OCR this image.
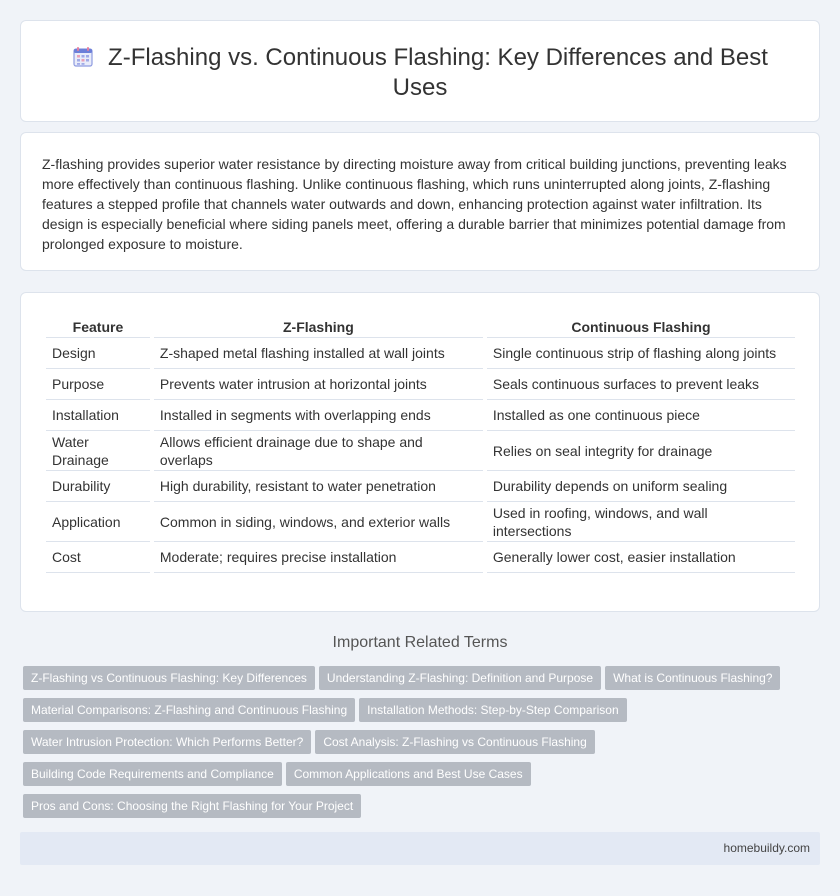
Z-Flashing vs. Continuous Flashing: Key Differences and Best Uses

Z-flashing provides superior water resistance by directing moisture away from critical building junctions, preventing leaks more effectively than continuous flashing. Unlike continuous flashing, which runs uninterrupted along joints, Z-flashing features a stepped profile that channels water outwards and down, enhancing protection against water infiltration. Its design is especially beneficial where siding panels meet, offering a durable barrier that minimizes potential damage from prolonged exposure to moisture.

Feature	Z-Flashing	Continuous Flashing
Design	Z-shaped metal flashing installed at wall joints	Single continuous strip of flashing along joints
Purpose	Prevents water intrusion at horizontal joints	Seals continuous surfaces to prevent leaks
Installation	Installed in segments with overlapping ends	Installed as one continuous piece
Water Drainage	Allows efficient drainage due to shape and overlaps	Relies on seal integrity for drainage
Durability	High durability, resistant to water penetration	Durability depends on uniform sealing
Application	Common in siding, windows, and exterior walls	Used in roofing, windows, and wall intersections
Cost	Moderate; requires precise installation	Generally lower cost, easier installation
Important Related Terms
Z-Flashing vs Continuous Flashing: Key Differences Understanding Z-Flashing: Definition and Purpose What is Continuous Flashing?
Material Comparisons: Z-Flashing and Continuous Flashing Installation Methods: Step-by-Step Comparison
Water Intrusion Protection: Which Performs Better? Cost Analysis: Z-Flashing vs Continuous Flashing
Building Code Requirements and Compliance Common Applications and Best Use Cases
Pros and Cons: Choosing the Right Flashing for Your Project
homebuildy.com
